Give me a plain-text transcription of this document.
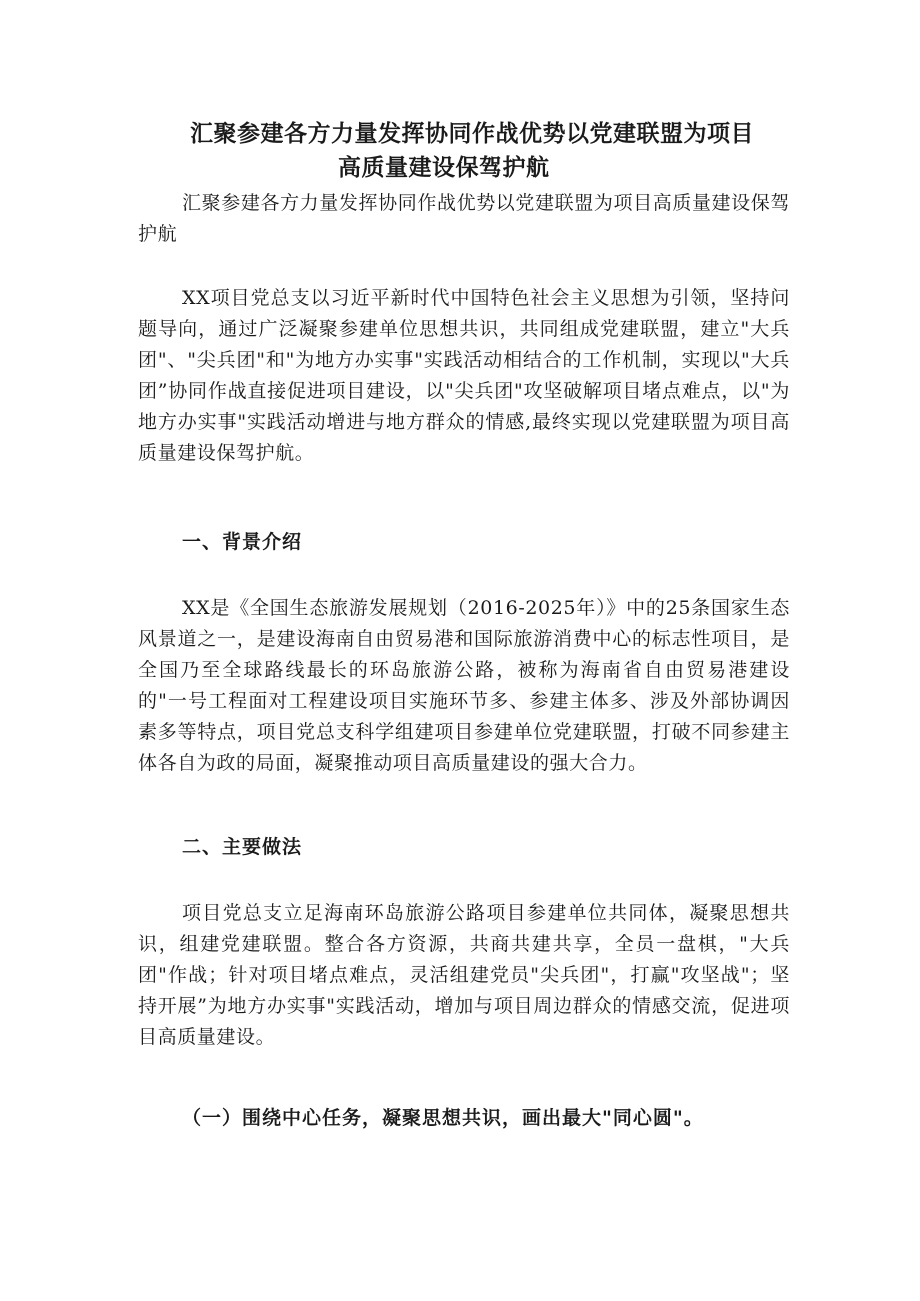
汇聚参建各方力量发挥协同作战优势以党建联盟为项目
高质量建设保驾护航

汇聚参建各方力量发挥协同作战优势以党建联盟为项目高质量建设保驾护航

XX项目党总支以习近平新时代中国特色社会主义思想为引领，坚持问题导向，通过广泛凝聚参建单位思想共识，共同组成党建联盟，建立"大兵团"、"尖兵团"和"为地方办实事"实践活动相结合的工作机制，实现以"大兵团”协同作战直接促进项目建设，以"尖兵团"攻坚破解项目堵点难点，以"为地方办实事"实践活动增进与地方群众的情感,最终实现以党建联盟为项目高质量建设保驾护航。

一、背景介绍

XX是《全国生态旅游发展规划（2016-2025年）》中的25条国家生态风景道之一，是建设海南自由贸易港和国际旅游消费中心的标志性项目，是全国乃至全球路线最长的环岛旅游公路，被称为海南省自由贸易港建设的"一号工程面对工程建设项目实施环节多、参建主体多、涉及外部协调因素多等特点，项目党总支科学组建项目参建单位党建联盟，打破不同参建主体各自为政的局面，凝聚推动项目高质量建设的强大合力。

二、主要做法

项目党总支立足海南环岛旅游公路项目参建单位共同体，凝聚思想共识，组建党建联盟。整合各方资源，共商共建共享，全员一盘棋，"大兵团"作战；针对项目堵点难点，灵活组建党员"尖兵团"，打赢"攻坚战"；坚持开展”为地方办实事"实践活动，增加与项目周边群众的情感交流，促进项目高质量建设。

（一）围绕中心任务，凝聚思想共识，画出最大"同心圆"。
